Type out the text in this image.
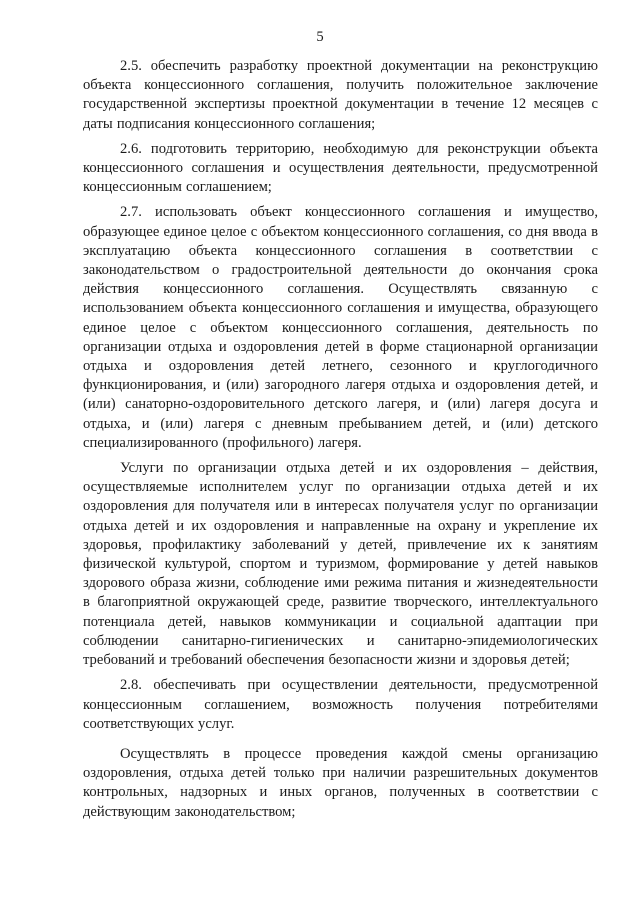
5

2.5. обеспечить разработку проектной документации на реконструкцию объекта концессионного соглашения, получить положительное заключение государственной экспертизы проектной документации в течение 12 месяцев с даты подписания концессионного соглашения;

2.6. подготовить территорию, необходимую для реконструкции объекта концессионного соглашения и осуществления деятельности, предусмотренной концессионным соглашением;

2.7. использовать объект концессионного соглашения и имущество, образующее единое целое с объектом концессионного соглашения, со дня ввода в эксплуатацию объекта концессионного соглашения в соответствии с законодательством о градостроительной деятельности до окончания срока действия концессионного соглашения. Осуществлять связанную с использованием объекта концессионного соглашения и имущества, образующего единое целое с объектом концессионного соглашения, деятельность по организации отдыха и оздоровления детей в форме стационарной организации отдыха и оздоровления детей летнего, сезонного и круглогодичного функционирования, и (или) загородного лагеря отдыха и оздоровления детей, и (или) санаторно-оздоровительного детского лагеря, и (или) лагеря досуга и отдыха, и (или) лагеря с дневным пребыванием детей, и (или) детского специализированного (профильного) лагеря.

Услуги по организации отдыха детей и их оздоровления – действия, осуществляемые исполнителем услуг по организации отдыха детей и их оздоровления для получателя или в интересах получателя услуг по организации отдыха детей и их оздоровления и направленные на охрану и укрепление их здоровья, профилактику заболеваний у детей, привлечение их к занятиям физической культурой, спортом и туризмом, формирование у детей навыков здорового образа жизни, соблюдение ими режима питания и жизнедеятельности в благоприятной окружающей среде, развитие творческого, интеллектуального потенциала детей, навыков коммуникации и социальной адаптации при соблюдении санитарно-гигиенических и санитарно-эпидемиологических требований и требований обеспечения безопасности жизни и здоровья детей;

2.8. обеспечивать при осуществлении деятельности, предусмотренной концессионным соглашением, возможность получения потребителями соответствующих услуг.

Осуществлять в процессе проведения каждой смены организацию оздоровления, отдыха детей только при наличии разрешительных документов контрольных, надзорных и иных органов, полученных в соответствии с действующим законодательством;
